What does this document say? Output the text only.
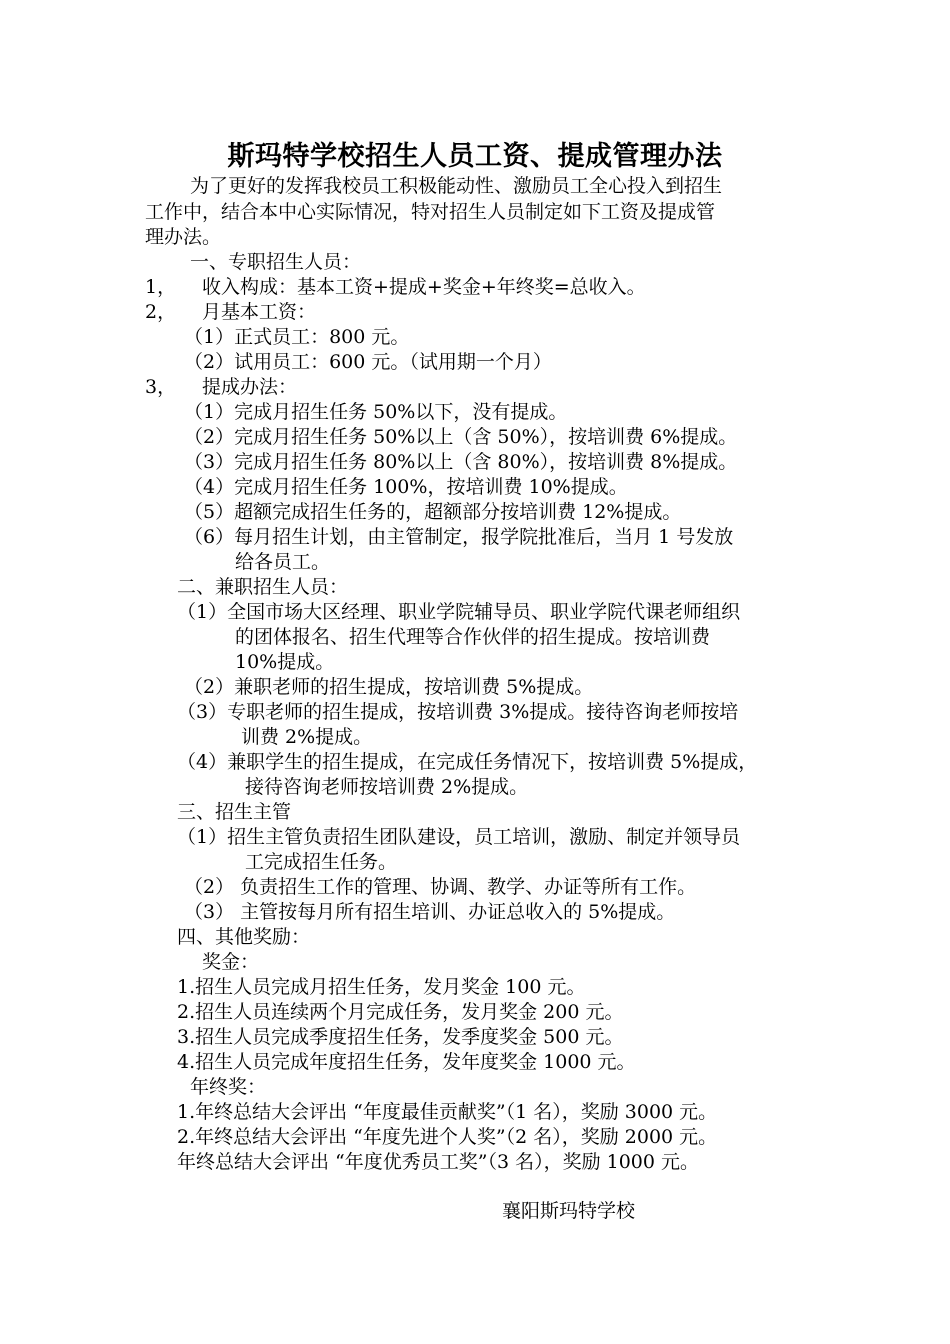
斯玛特学校招生人员工资、提成管理办法
为了更好的发挥我校员工积极能动性、激励员工全心投入到招生
工作中，结合本中心实际情况，特对招生人员制定如下工资及提成管
理办法。
一、专职招生人员：
1， 收入构成：基本工资+提成+奖金+年终奖=总收入。
2， 月基本工资：
（1）正式员工：800 元。
（2）试用员工：600 元。（试用期一个月）
3， 提成办法：
（1）完成月招生任务 50%以下，没有提成。
（2）完成月招生任务 50%以上（含 50%），按培训费 6%提成。
（3）完成月招生任务 80%以上（含 80%），按培训费 8%提成。
（4）完成月招生任务 100%，按培训费 10%提成。
（5）超额完成招生任务的，超额部分按培训费 12%提成。
（6）每月招生计划，由主管制定，报学院批准后，当月 1 号发放
给各员工。
二、兼职招生人员：
（1）全国市场大区经理、职业学院辅导员、职业学院代课老师组织
的团体报名、招生代理等合作伙伴的招生提成。按培训费
10%提成。
（2）兼职老师的招生提成，按培训费 5%提成。
（3）专职老师的招生提成，按培训费 3%提成。接待咨询老师按培
训费 2%提成。
（4）兼职学生的招生提成，在完成任务情况下，按培训费 5%提成，
接待咨询老师按培训费 2%提成。
三、招生主管
（1）招生主管负责招生团队建设，员工培训，激励、制定并领导员
工完成招生任务。
（2） 负责招生工作的管理、协调、教学、办证等所有工作。
（3） 主管按每月所有招生培训、办证总收入的 5%提成。
四、其他奖励：
奖金：
1.招生人员完成月招生任务，发月奖金 100 元。
2.招生人员连续两个月完成任务，发月奖金 200 元。
3.招生人员完成季度招生任务，发季度奖金 500 元。
4.招生人员完成年度招生任务，发年度奖金 1000 元。
年终奖：
1.年终总结大会评出 “年度最佳贡献奖”（1 名），奖励 3000 元。
2.年终总结大会评出 “年度先进个人奖”（2 名），奖励 2000 元。
年终总结大会评出 “年度优秀员工奖”（3 名），奖励 1000 元。
襄阳斯玛特学校
